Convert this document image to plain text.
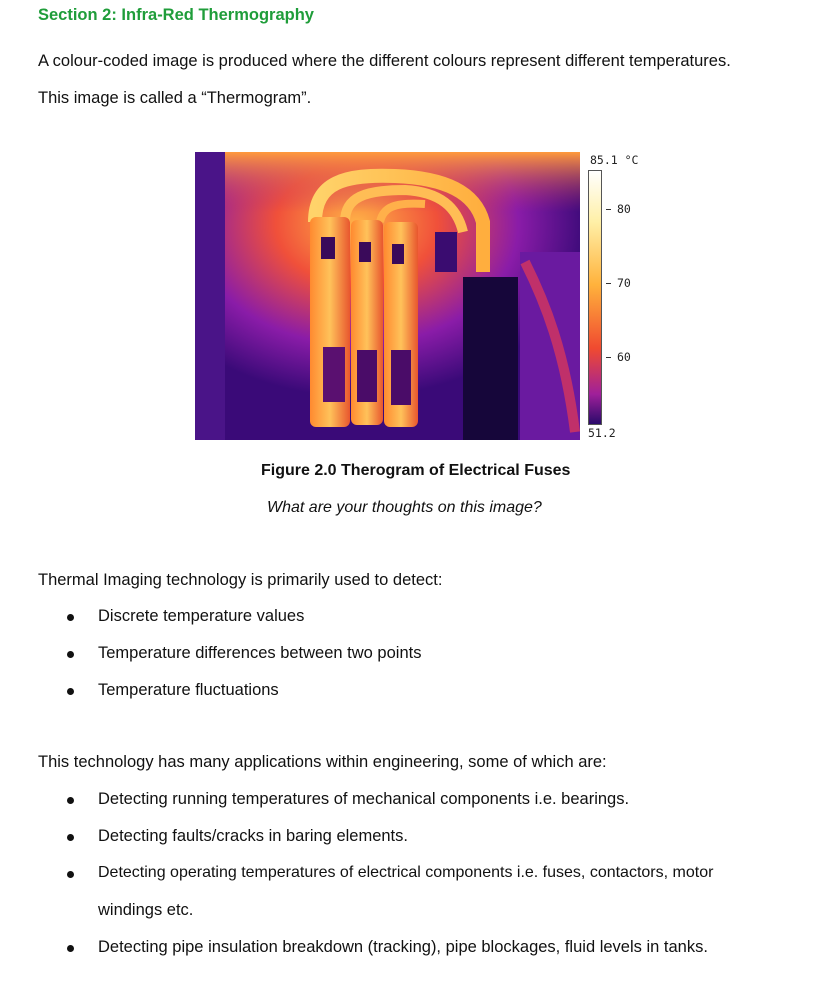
Section 2: Infra-Red Thermography
A colour-coded image is produced where the different colours represent different temperatures.
This image is called a “Thermogram”.
85.1 °C
51.2
80
70
60
Figure 2.0 Therogram of Electrical Fuses
What are your thoughts on this image?
Thermal Imaging technology is primarily used to detect:
Discrete temperature values
Temperature differences between two points
Temperature fluctuations
This technology has many applications within engineering, some of which are:
Detecting running temperatures of mechanical components i.e. bearings.
Detecting faults/cracks in baring elements.
Detecting operating temperatures of electrical components i.e. fuses, contactors, motor
windings etc.
Detecting pipe insulation breakdown (tracking), pipe blockages, fluid levels in tanks.
